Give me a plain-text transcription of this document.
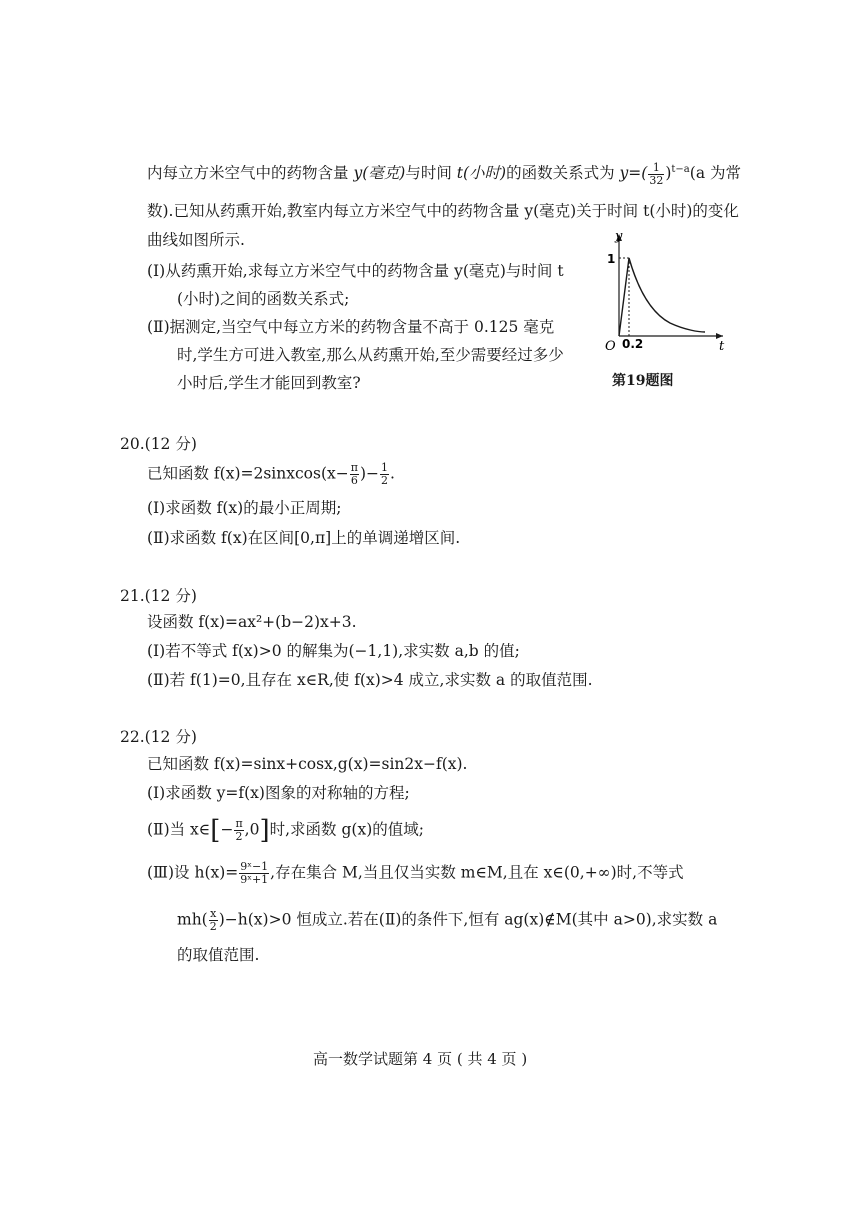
内每立方米空气中的药物含量 y(毫克)与时间 t(小时)的函数关系式为 $y=( \frac{1}{32} )^{t-a}(a$ 为常
数).已知从药熏开始,教室内每立方米空气中的药物含量 y(毫克)关于时间 t(小时)的变化
曲线如图所示.
(Ⅰ)从药熏开始,求每立方米空气中的药物含量 y(毫克)与时间 t
(小时)之间的函数关系式;
(Ⅱ)据测定,当空气中每立方米的药物含量不高于 0.125 毫克
时,学生方可进入教室,那么从药熏开始,至少需要经过多少
小时后,学生才能回到教室?
y
t
O
1
0.2
第19题图
20.(12 分)
已知函数 f(x)=2sinxcos(x− $\frac{\pi}{6}$ )− $\frac{1}{2}$ .
(Ⅰ)求函数 f(x)的最小正周期;
(Ⅱ)求函数 f(x)在区间[0,π]上的单调递增区间.
21.(12 分)
设函数 f(x)=ax²+(b−2)x+3.
(Ⅰ)若不等式 f(x)>0 的解集为(−1,1),求实数 a,b 的值;
(Ⅱ)若 f(1)=0,且存在 x∈R,使 f(x)>4 成立,求实数 a 的取值范围.
22.(12 分)
已知函数 f(x)=sinx+cosx,g(x)=sin2x−f(x).
(Ⅰ)求函数 y=f(x)图象的对称轴的方程;
(Ⅱ)当 x∈[− $\frac{\pi}{2} ,0$]时,求函数 g(x)的值域;
(Ⅲ)设 $h(x)= \frac{\text{9ˣ−1}}{\text{9ˣ+1}}$ ,存在集合 M,当且仅当实数 m∈M,且在 x∈(0,+∞)时,不等式
$mh( \frac{x}{2} )-h(x)>0$ 恒成立.若在(Ⅱ)的条件下,恒有 ag(x)∉M(其中 a>0),求实数 a
的取值范围.
高一数学试题第 4 页 ( 共 4 页 )
